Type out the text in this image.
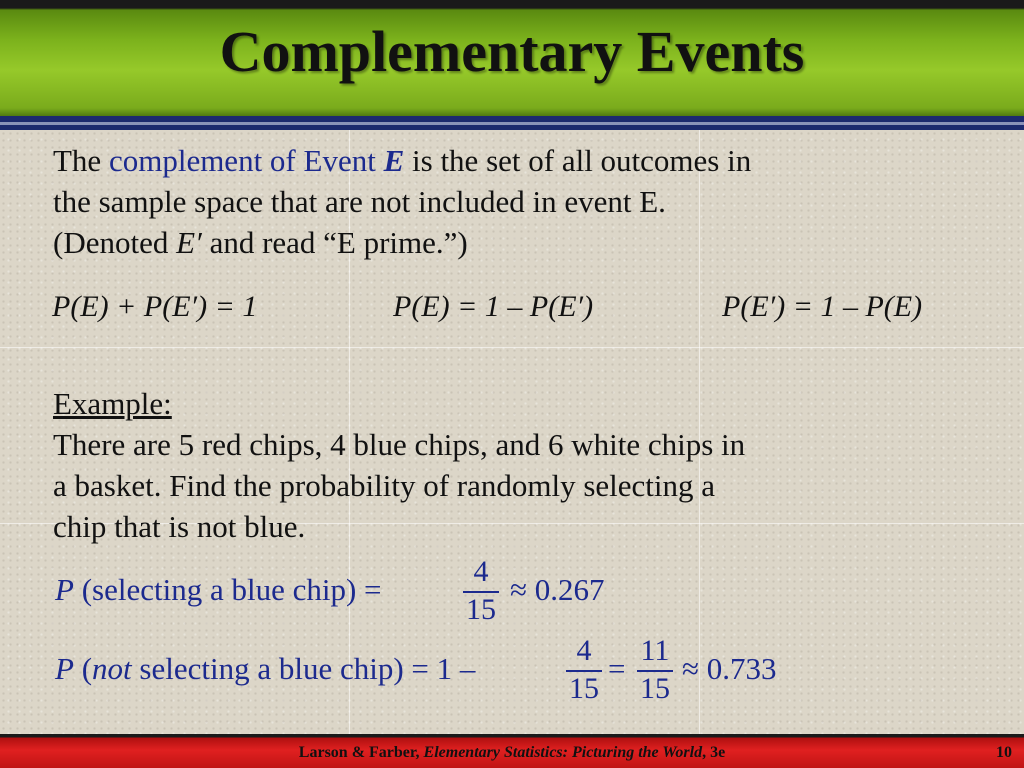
Complementary Events
The complement of Event E is the set of all outcomes in
the sample space that are not included in event E.
(Denoted E′ and read “E prime.”)
P(E) + P(E′) = 1	P(E) = 1 – P(E′)	P(E′) = 1 – P(E)
Example:
There are 5 red chips, 4 blue chips, and 6 white chips in
a basket. Find the probability of randomly selecting a
chip that is not blue.
P (selecting a blue chip) =
4
15
≈ 0.267
P (not selecting a blue chip) = 1 –
4
15
=
11
15
≈ 0.733
Larson & Farber, Elementary Statistics: Picturing the World, 3e	10
